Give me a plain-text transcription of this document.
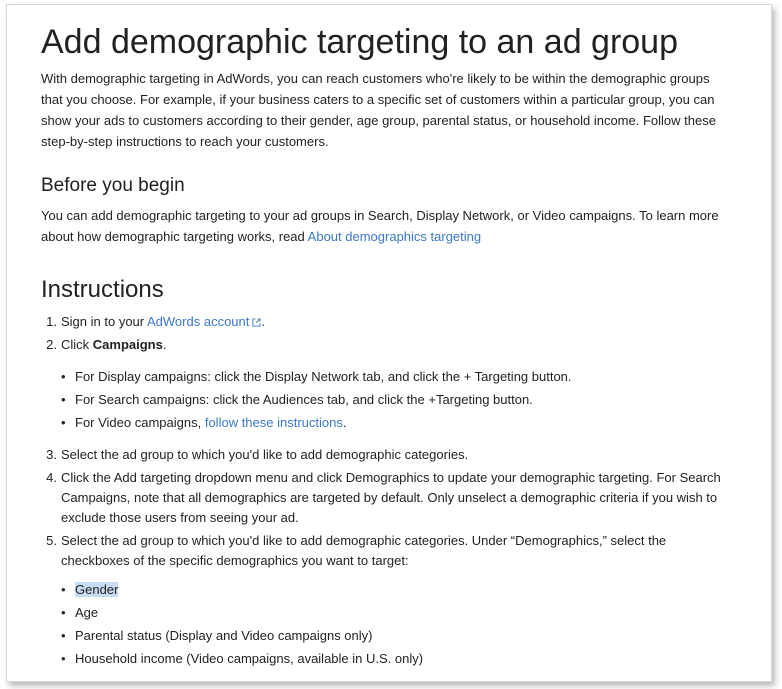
Add demographic targeting to an ad group

With demographic targeting in AdWords, you can reach customers who're likely to be within the demographic groups that you choose. For example, if your business caters to a specific set of customers within a particular group, you can show your ads to customers according to their gender, age group, parental status, or household income. Follow these step-by-step instructions to reach your customers.

Before you begin

You can add demographic targeting to your ad groups in Search, Display Network, or Video campaigns. To learn more about how demographic targeting works, read About demographics targeting

Instructions
1. Sign in to your AdWords account .
2. Click Campaigns.
• For Display campaigns: click the Display Network tab, and click the + Targeting button.
• For Search campaigns: click the Audiences tab, and click the +Targeting button.
• For Video campaigns, follow these instructions.
3. Select the ad group to which you'd like to add demographic categories.
4. Click the Add targeting dropdown menu and click Demographics to update your demographic targeting. For Search Campaigns, note that all demographics are targeted by default. Only unselect a demographic criteria if you wish to exclude those users from seeing your ad.
5. Select the ad group to which you'd like to add demographic categories. Under “Demographics,” select the checkboxes of the specific demographics you want to target:
• Gender
• Age
• Parental status (Display and Video campaigns only)
• Household income (Video campaigns, available in U.S. only)
